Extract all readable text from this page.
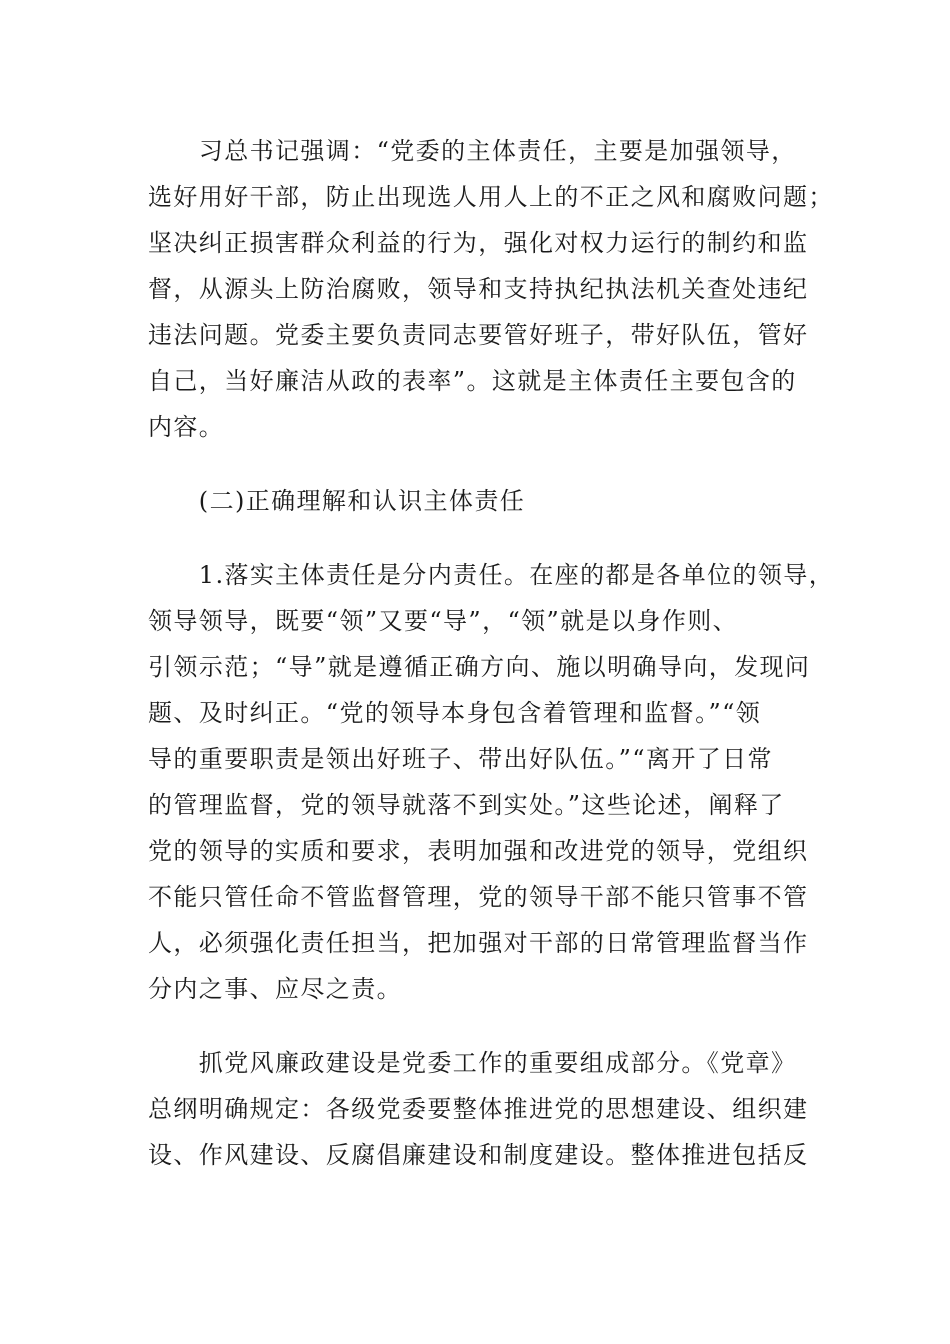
　　习总书记强调：“党委的主体责任，主要是加强领导，
选好用好干部，防止出现选人用人上的不正之风和腐败问题；
坚决纠正损害群众利益的行为，强化对权力运行的制约和监
督，从源头上防治腐败，领导和支持执纪执法机关查处违纪
违法问题。党委主要负责同志要管好班子，带好队伍，管好
自己，当好廉洁从政的表率”。这就是主体责任主要包含的
内容。

　　(二)正确理解和认识主体责任

　　1.落实主体责任是分内责任。在座的都是各单位的领导，
领导领导，既要“领”又要“导”，“领”就是以身作则、
引领示范；“导”就是遵循正确方向、施以明确导向，发现问
题、及时纠正。“党的领导本身包含着管理和监督。”“领
导的重要职责是领出好班子、带出好队伍。”“离开了日常
的管理监督，党的领导就落不到实处。”这些论述，阐释了
党的领导的实质和要求，表明加强和改进党的领导，党组织
不能只管任命不管监督管理，党的领导干部不能只管事不管
人，必须强化责任担当，把加强对干部的日常管理监督当作
分内之事、应尽之责。

　　抓党风廉政建设是党委工作的重要组成部分。《党章》
总纲明确规定：各级党委要整体推进党的思想建设、组织建
设、作风建设、反腐倡廉建设和制度建设。整体推进包括反
